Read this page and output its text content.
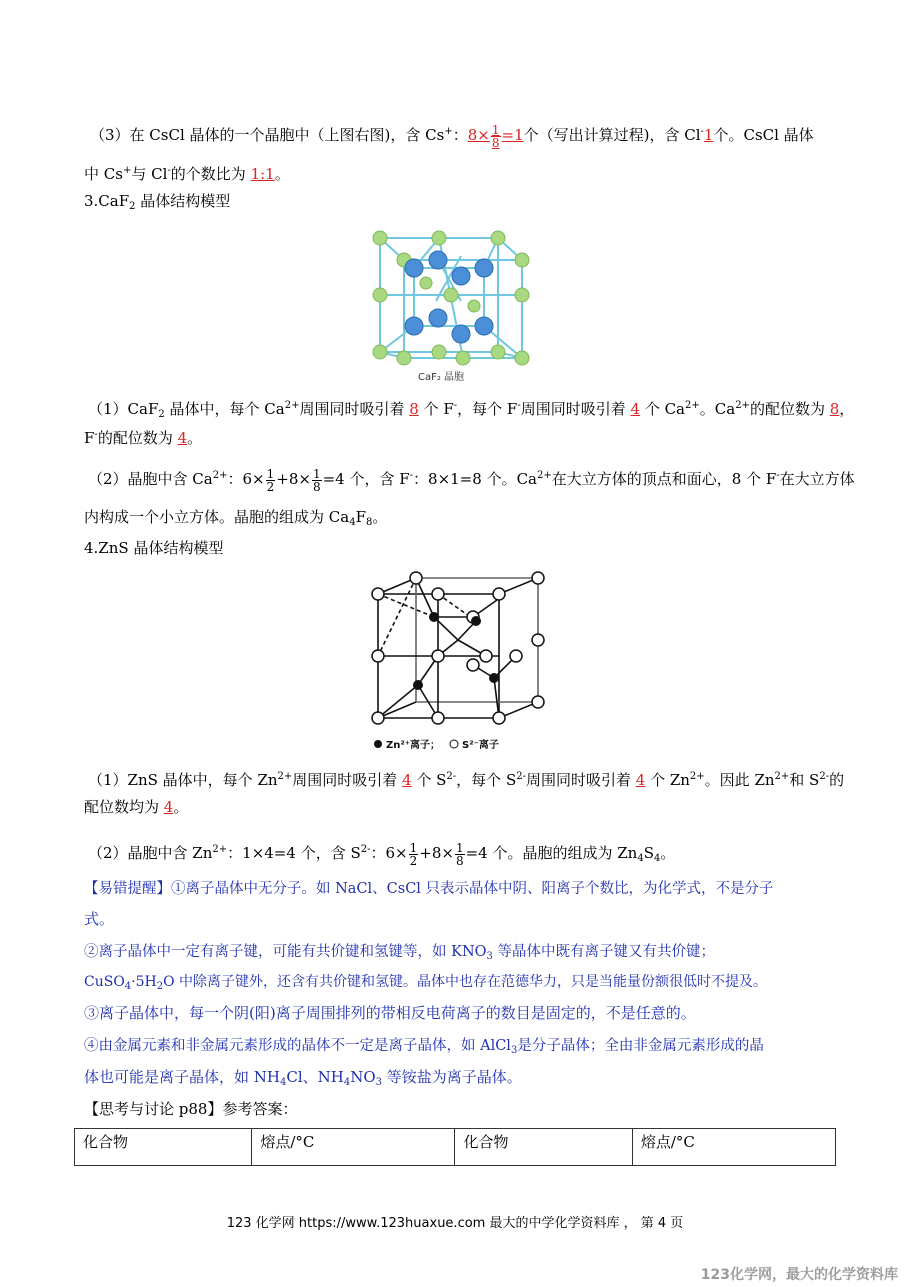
（3）在 CsCl 晶体的一个晶胞中（上图右图)，含 Cs+：$8\times \frac{1}{8} =1$个（写出计算过程)，含 Cl-1个。CsCl 晶体
中 Cs+与 Cl-的个数比为 1:1。
3.CaF$_2$ 晶体结构模型
CaF₂ 晶胞
（1）CaF$_2$ 晶体中，每个 $Ca^{2+}$周围同时吸引着 8 个 F-，每个 F-周围同时吸引着 4 个 $Ca^{2+}$。$Ca^{2+}$的配位数为 8，
F-的配位数为 4。
（2）晶胞中含 $Ca^{2+}$：$6\times \frac{1}{2} +8\times \frac{1}{8} =4$ 个，含 F-：8×1=8 个。$Ca^{2+}$在大立方体的顶点和面心，8 个 F-在大立方体
内构成一个小立方体。晶胞的组成为 $Ca_4F_8$。
4.ZnS 晶体结构模型
Zn²⁺离子； S²⁻离子
（1）ZnS 晶体中，每个 $Zn^{2+}$周围同时吸引着 4 个 $S^{2-}$，每个 $S^{2-}$周围同时吸引着 4 个 $Zn^{2+}$。因此 $Zn^{2+}$和 $S^{2-}$的
配位数均为 4。
（2）晶胞中含 $Zn^{2+}$：1×4=4 个，含 $S^{2-}$：$6\times \frac{1}{2} +8\times \frac{1}{8} =4$ 个。晶胞的组成为 $Zn_4S_4$。
【易错提醒】①离子晶体中无分子。如 NaCl、CsCl 只表示晶体中阴、阳离子个数比，为化学式，不是分子
式。
②离子晶体中一定有离子键，可能有共价键和氢键等，如 $KNO_3$ 等晶体中既有离子键又有共价键；
$CuSO_4\cdot 5H_2O$ 中除离子键外，还含有共价键和氢键。晶体中也存在范德华力，只是当能量份额很低时不提及。
③离子晶体中，每一个阴(阳)离子周围排列的带相反电荷离子的数目是固定的，不是任意的。
④由金属元素和非金属元素形成的晶体不一定是离子晶体，如 AlCl$_3$是分子晶体；全由非金属元素形成的晶
体也可能是离子晶体，如 $NH_4Cl$、$NH_4NO_3$ 等铵盐为离子晶体。
【思考与讨论 p88】参考答案：
化合物	熔点/°C	化合物	熔点/°C
123 化学网 https://www.123huaxue.com 最大的中学化学资料库 ， 第 4 页
123化学网，最大的化学资料库
